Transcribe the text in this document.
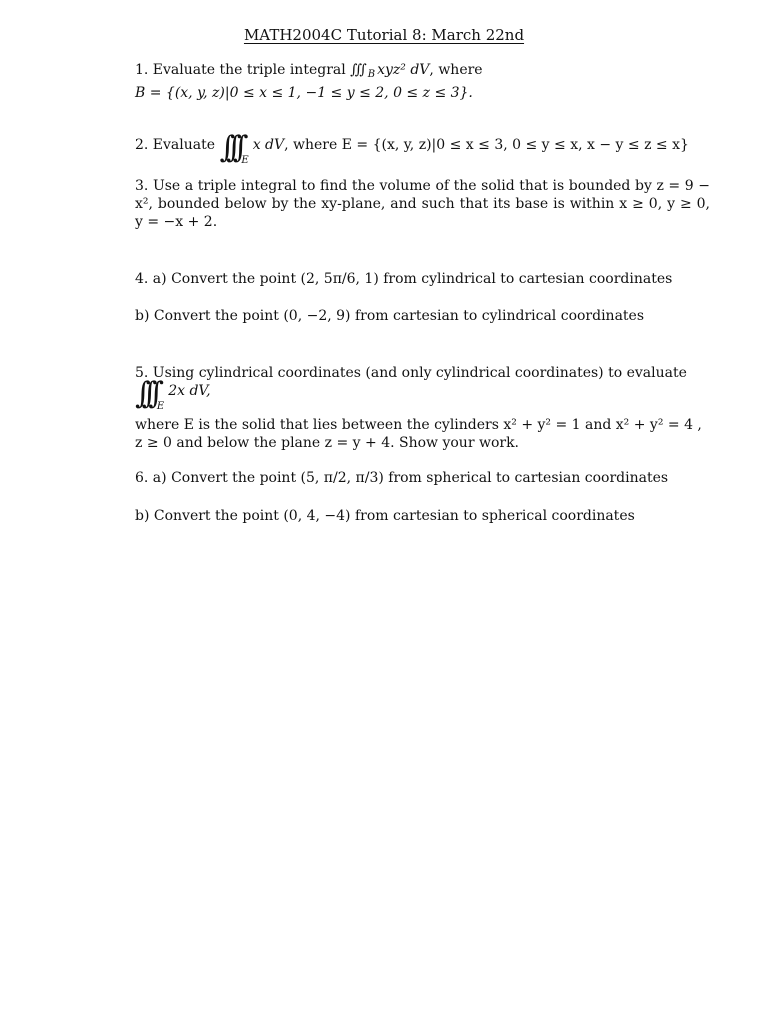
MATH2004C Tutorial 8: March 22nd
1. Evaluate the triple integral ∭ $_B$ xyz² dV, where
B = {(x, y, z)|0 ≤ x ≤ 1, −1 ≤ y ≤ 2, 0 ≤ z ≤ 3}.
2. Evaluate ∫∫∫ $_E$x dV, where E = {(x, y, z)|0 ≤ x ≤ 3, 0 ≤ y ≤ x, x − y ≤ z ≤ x}
3. Use a triple integral to find the volume of the solid that is bounded by z = 9 − x², bounded below by the xy-plane, and such that its base is within x ≥ 0, y ≥ 0, y = −x + 2.
4. a) Convert the point (2, 5π/6, 1) from cylindrical to cartesian coordinates
b) Convert the point (0, −2, 9) from cartesian to cylindrical coordinates
5. Using cylindrical coordinates (and only cylindrical coordinates) to evaluate ∫∫∫ $_E$2x dV,
where E is the solid that lies between the cylinders x² + y² = 1 and x² + y² = 4 ,
z ≥ 0 and below the plane z = y + 4. Show your work.
6. a) Convert the point (5, π/2, π/3) from spherical to cartesian coordinates
b) Convert the point (0, 4, −4) from cartesian to spherical coordinates
